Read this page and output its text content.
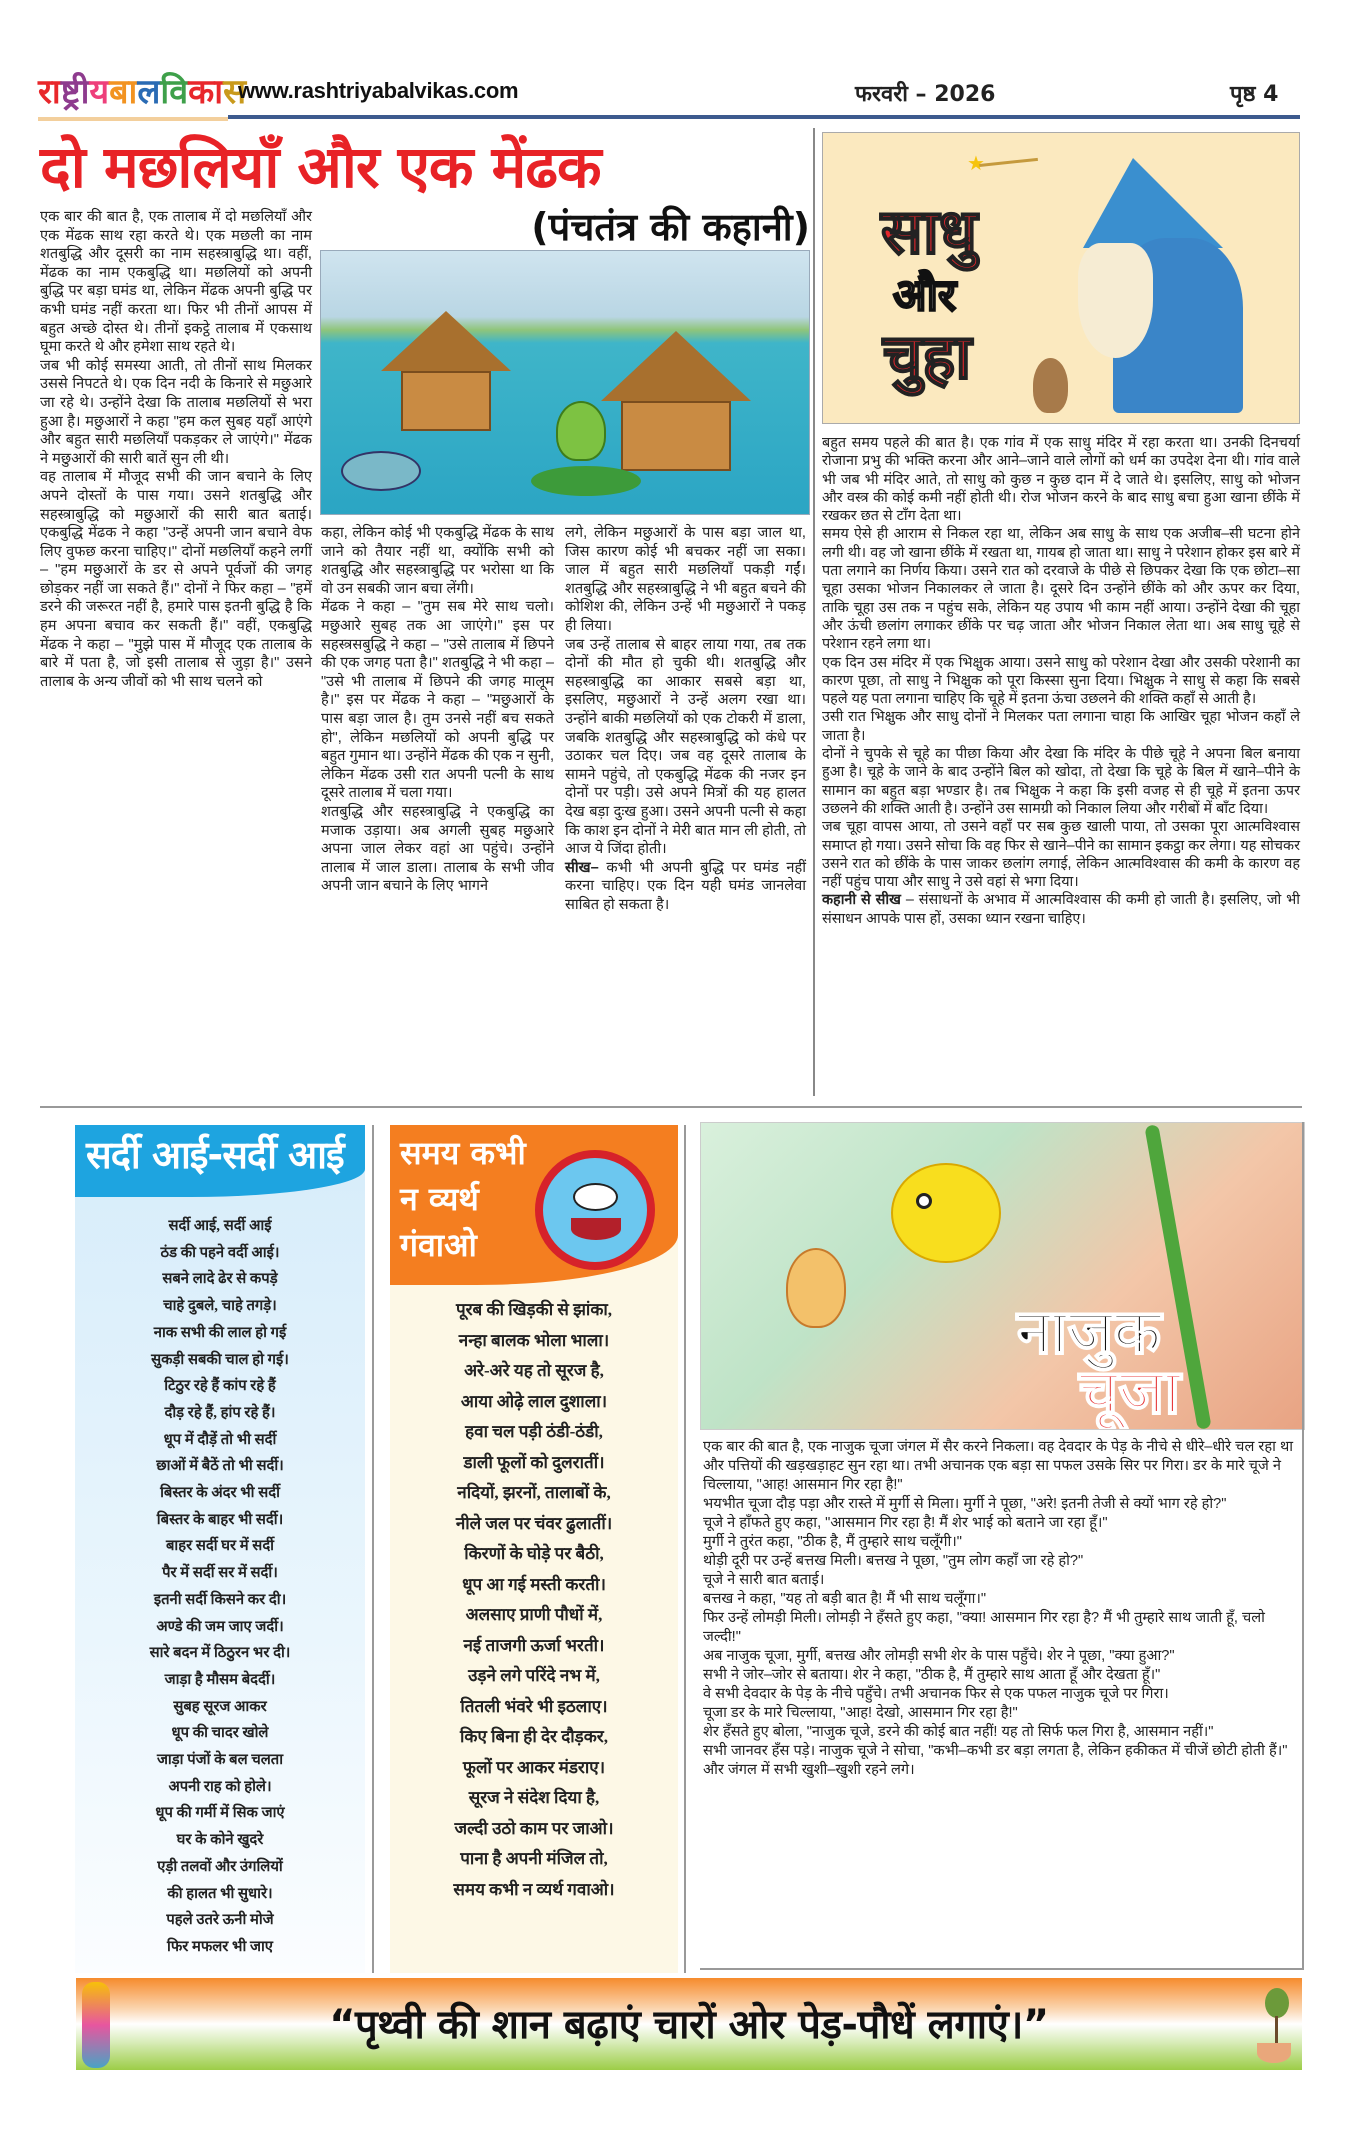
रा ष्ट्री य बा ल वि का स
www.rashtriyabalvikas.com	फरवरी – 2026	पृष्ठ 4
दो मछलियाँ और एक मेंढक
(पंचतंत्र की कहानी)

एक बार की बात है, एक तालाब में दो मछलियाँ और एक मेंढक साथ रहा करते थे। एक मछली का नाम शतबुद्धि और दूसरी का नाम सहस्त्राबुद्धि था। वहीं, मेंढक का नाम एकबुद्धि था। मछलियों को अपनी बुद्धि पर बड़ा घमंड था, लेकिन मेंढक अपनी बुद्धि पर कभी घमंड नहीं करता था। फिर भी तीनों आपस में बहुत अच्छे दोस्त थे। तीनों इकट्ठे तालाब में एकसाथ घूमा करते थे और हमेशा साथ रहते थे।

जब भी कोई समस्या आती, तो तीनों साथ मिलकर उससे निपटते थे। एक दिन नदी के किनारे से मछुआरे जा रहे थे। उन्होंने देखा कि तालाब मछलियों से भरा हुआ है। मछुआरों ने कहा "हम कल सुबह यहाँ आएंगे और बहुत सारी मछलियाँ पकड़कर ले जाएंगे।" मेंढक ने मछुआरों की सारी बातें सुन ली थी।

वह तालाब में मौजूद सभी की जान बचाने के लिए अपने दोस्तों के पास गया। उसने शतबुद्धि और सहस्त्राबुद्धि को मछुआरों की सारी बात बताई। एकबुद्धि मेंढक ने कहा "उन्हें अपनी जान बचाने वेफ लिए वुफछ करना चाहिए।" दोनों मछलियाँ कहने लगीं – "हम मछुआरों के डर से अपने पूर्वजों की जगह छोड़कर नहीं जा सकते हैं।" दोनों ने फिर कहा – "हमें डरने की जरूरत नहीं है, हमारे पास इतनी बुद्धि है कि हम अपना बचाव कर सकती हैं।" वहीं, एकबुद्धि मेंढक ने कहा – "मुझे पास में मौजूद एक तालाब के बारे में पता है, जो इसी तालाब से जुड़ा है।" उसने तालाब के अन्य जीवों को भी साथ चलने को

कहा, लेकिन कोई भी एकबुद्धि मेंढक के साथ जाने को तैयार नहीं था, क्योंकि सभी को शतबुद्धि और सहस्त्राबुद्धि पर भरोसा था कि वो उन सबकी जान बचा लेंगी।

मेंढक ने कहा – "तुम सब मेरे साथ चलो। मछुआरे सुबह तक आ जाएंगे।" इस पर सहस्त्रसबुद्धि ने कहा – "उसे तालाब में छिपने की एक जगह पता है।" शतबुद्धि ने भी कहा – "उसे भी तालाब में छिपने की जगह मालूम है।" इस पर मेंढक ने कहा – "मछुआरों के पास बड़ा जाल है। तुम उनसे नहीं बच सकते हो", लेकिन मछलियों को अपनी बुद्धि पर बहुत गुमान था। उन्होंने मेंढक की एक न सुनी, लेकिन मेंढक उसी रात अपनी पत्नी के साथ दूसरे तालाब में चला गया।

शतबुद्धि और सहस्त्राबुद्धि ने एकबुद्धि का मजाक उड़ाया। अब अगली सुबह मछुआरे अपना जाल लेकर वहां आ पहुंचे। उन्होंने तालाब में जाल डाला। तालाब के सभी जीव अपनी जान बचाने के लिए भागने

लगे, लेकिन मछुआरों के पास बड़ा जाल था, जिस कारण कोई भी बचकर नहीं जा सका। जाल में बहुत सारी मछलियाँ पकड़ी गईं। शतबुद्धि और सहस्त्राबुद्धि ने भी बहुत बचने की कोशिश की, लेकिन उन्हें भी मछुआरों ने पकड़ ही लिया।

जब उन्हें तालाब से बाहर लाया गया, तब तक दोनों की मौत हो चुकी थी। शतबुद्धि और सहस्त्राबुद्धि का आकार सबसे बड़ा था, इसलिए, मछुआरों ने उन्हें अलग रखा था। उन्होंने बाकी मछलियों को एक टोकरी में डाला, जबकि शतबुद्धि और सहस्त्राबुद्धि को कंधे पर उठाकर चल दिए। जब वह दूसरे तालाब के सामने पहुंचे, तो एकबुद्धि मेंढक की नजर इन दोनों पर पड़ी। उसे अपने मित्रों की यह हालत देख बड़ा दुःख हुआ। उसने अपनी पत्नी से कहा कि काश इन दोनों ने मेरी बात मान ली होती, तो आज ये जिंदा होती।

सीख– कभी भी अपनी बुद्धि पर घमंड नहीं करना चाहिए। एक दिन यही घमंड जानलेवा साबित हो सकता है।

साधु
और
चुहा
★

बहुत समय पहले की बात है। एक गांव में एक साधु मंदिर में रहा करता था। उनकी दिनचर्या रोजाना प्रभु की भक्ति करना और आने–जाने वाले लोगों को धर्म का उपदेश देना थी। गांव वाले भी जब भी मंदिर आते, तो साधु को कुछ न कुछ दान में दे जाते थे। इसलिए, साधु को भोजन और वस्त्र की कोई कमी नहीं होती थी। रोज भोजन करने के बाद साधु बचा हुआ खाना छींके में रखकर छत से टाँग देता था।

समय ऐसे ही आराम से निकल रहा था, लेकिन अब साधु के साथ एक अजीब–सी घटना होने लगी थी। वह जो खाना छींके में रखता था, गायब हो जाता था। साधु ने परेशान होकर इस बारे में पता लगाने का निर्णय किया। उसने रात को दरवाजे के पीछे से छिपकर देखा कि एक छोटा–सा चूहा उसका भोजन निकालकर ले जाता है। दूसरे दिन उन्होंने छींके को और ऊपर कर दिया, ताकि चूहा उस तक न पहुंच सके, लेकिन यह उपाय भी काम नहीं आया। उन्होंने देखा की चूहा और ऊंची छलांग लगाकर छींके पर चढ़ जाता और भोजन निकाल लेता था। अब साधु चूहे से परेशान रहने लगा था।

एक दिन उस मंदिर में एक भिक्षुक आया। उसने साधु को परेशान देखा और उसकी परेशानी का कारण पूछा, तो साधु ने भिक्षुक को पूरा किस्सा सुना दिया। भिक्षुक ने साधु से कहा कि सबसे पहले यह पता लगाना चाहिए कि चूहे में इतना ऊंचा उछलने की शक्ति कहाँ से आती है।

उसी रात भिक्षुक और साधु दोनों ने मिलकर पता लगाना चाहा कि आखिर चूहा भोजन कहाँ ले जाता है।

दोनों ने चुपके से चूहे का पीछा किया और देखा कि मंदिर के पीछे चूहे ने अपना बिल बनाया हुआ है। चूहे के जाने के बाद उन्होंने बिल को खोदा, तो देखा कि चूहे के बिल में खाने–पीने के सामान का बहुत बड़ा भण्डार है। तब भिक्षुक ने कहा कि इसी वजह से ही चूहे में इतना ऊपर उछलने की शक्ति आती है। उन्होंने उस सामग्री को निकाल लिया और गरीबों में बाँट दिया।

जब चूहा वापस आया, तो उसने वहाँ पर सब कुछ खाली पाया, तो उसका पूरा आत्मविश्वास समाप्त हो गया। उसने सोचा कि वह फिर से खाने–पीने का सामान इकट्ठा कर लेगा। यह सोचकर उसने रात को छींके के पास जाकर छलांग लगाई, लेकिन आत्मविश्वास की कमी के कारण वह नहीं पहुंच पाया और साधु ने उसे वहां से भगा दिया।

कहानी से सीख – संसाधनों के अभाव में आत्मविश्वास की कमी हो जाती है। इसलिए, जो भी संसाधन आपके पास हों, उसका ध्यान रखना चाहिए।

सर्दी आई-सर्दी आई
सर्दी आई, सर्दी आई
ठंड की पहने वर्दी आई।
सबने लादे ढेर से कपड़े
चाहे दुबले, चाहे तगड़े।
नाक सभी की लाल हो गई
सुकड़ी सबकी चाल हो गई।
टिठुर रहे हैं कांप रहे हैं
दौड़ रहे हैं, हांप रहे हैं।
धूप में दौड़ें तो भी सर्दी
छाओं में बैठें तो भी सर्दी।
बिस्तर के अंदर भी सर्दी
बिस्तर के बाहर भी सर्दी।
बाहर सर्दी घर में सर्दी
पैर में सर्दी सर में सर्दी।
इतनी सर्दी किसने कर दी।
अण्डे की जम जाए जर्दी।
सारे बदन में ठिठुरन भर दी।
जाड़ा है मौसम बेदर्दी।
सुबह सूरज आकर
धूप की चादर खोले
जाड़ा पंजों के बल चलता
अपनी राह को होले।
धूप की गर्मी में सिक जाएं
घर के कोने खुदरे
एड़ी तलवों और उंगलियों
की हालत भी सुधारे।
पहले उतरे ऊनी मोजे
फिर मफलर भी जाए
समय कभी
न व्यर्थ
गंवाओ
पूरब की खिड़की से झांका,
नन्हा बालक भोला भाला।
अरे-अरे यह तो सूरज है,
आया ओढ़े लाल दुशाला।
हवा चल पड़ी ठंडी-ठंडी,
डाली फूलों को दुलरातीं।
नदियों, झरनों, तालाबों के,
नीले जल पर चंवर ढुलातीं।
किरणों के घोड़े पर बैठी,
धूप आ गई मस्ती करती।
अलसाए प्राणी पौधों में,
नई ताजगी ऊर्जा भरती।
उड़ने लगे परिंदे नभ में,
तितली भंवरे भी इठलाए।
किए बिना ही देर दौड़कर,
फूलों पर आकर मंडराए।
सूरज ने संदेश दिया है,
जल्दी उठो काम पर जाओ।
पाना है अपनी मंजिल तो,
समय कभी न व्यर्थ गवाओ।
नाजुक
चूजा

एक बार की बात है, एक नाजुक चूजा जंगल में सैर करने निकला। वह देवदार के पेड़ के नीचे से धीरे–धीरे चल रहा था और पत्तियों की खड़खड़ाहट सुन रहा था। तभी अचानक एक बड़ा सा पफल उसके सिर पर गिरा। डर के मारे चूजे ने चिल्लाया, "आह! आसमान गिर रहा है!"

भयभीत चूजा दौड़ पड़ा और रास्ते में मुर्गी से मिला। मुर्गी ने पूछा, "अरे! इतनी तेजी से क्यों भाग रहे हो?"

चूजे ने हाँफते हुए कहा, "आसमान गिर रहा है! मैं शेर भाई को बताने जा रहा हूँ।"

मुर्गी ने तुरंत कहा, "ठीक है, मैं तुम्हारे साथ चलूँगी।"

थोड़ी दूरी पर उन्हें बत्तख मिली। बत्तख ने पूछा, "तुम लोग कहाँ जा रहे हो?"

चूजे ने सारी बात बताई।

बत्तख ने कहा, "यह तो बड़ी बात है! मैं भी साथ चलूँगा।"

फिर उन्हें लोमड़ी मिली। लोमड़ी ने हँसते हुए कहा, "क्या! आसमान गिर रहा है? मैं भी तुम्हारे साथ जाती हूँ, चलो जल्दी!"

अब नाजुक चूजा, मुर्गी, बत्तख और लोमड़ी सभी शेर के पास पहुँचे। शेर ने पूछा, "क्या हुआ?"

सभी ने जोर–जोर से बताया। शेर ने कहा, "ठीक है, मैं तुम्हारे साथ आता हूँ और देखता हूँ।"

वे सभी देवदार के पेड़ के नीचे पहुँचे। तभी अचानक फिर से एक पफल नाजुक चूजे पर गिरा।

चूजा डर के मारे चिल्लाया, "आह! देखो, आसमान गिर रहा है!"

शेर हँसते हुए बोला, "नाजुक चूजे, डरने की कोई बात नहीं! यह तो सिर्फ फल गिरा है, आसमान नहीं।"

सभी जानवर हँस पड़े। नाजुक चूजे ने सोचा, "कभी–कभी डर बड़ा लगता है, लेकिन हकीकत में चीजें छोटी होती हैं।"

और जंगल में सभी खुशी–खुशी रहने लगे।

“पृथ्वी की शान बढ़ाएं चारों ओर पेड़-पौधें लगाएं।”
